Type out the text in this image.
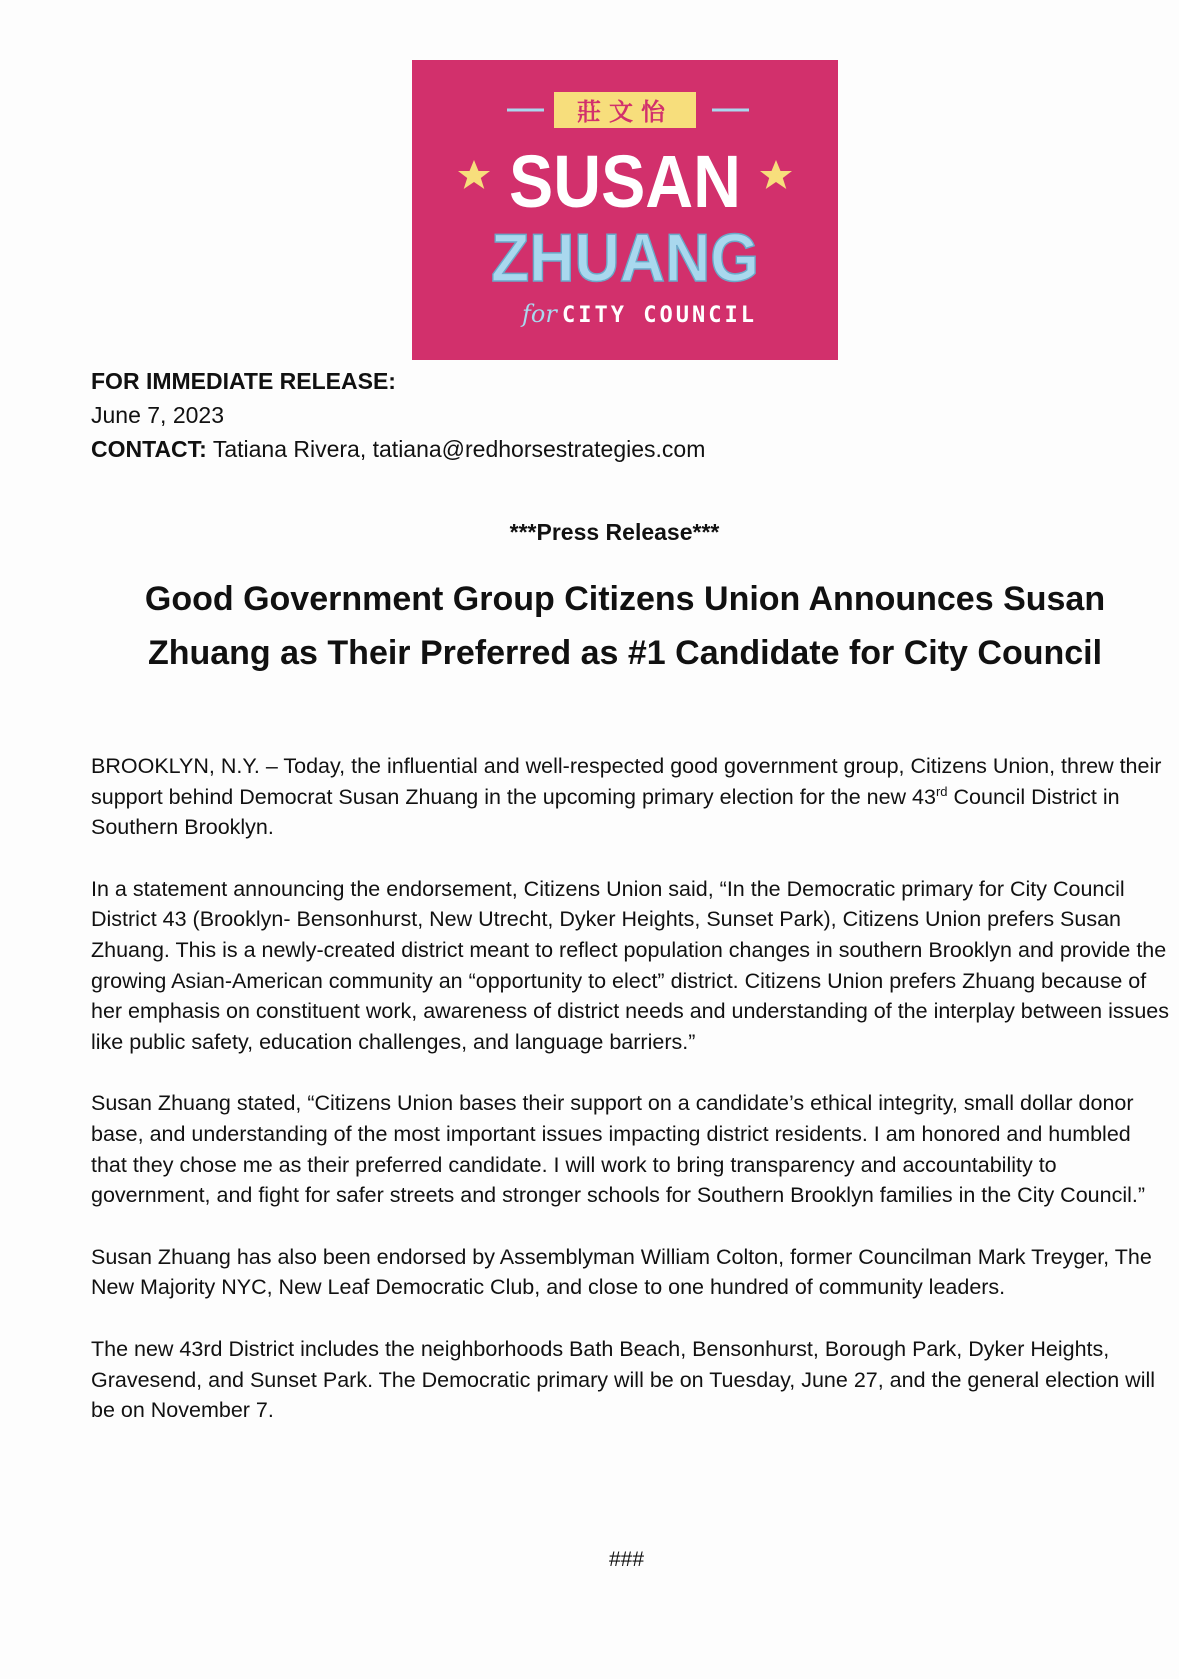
莊文怡
SUSAN
ZHUANG
for CITY COUNCIL
FOR IMMEDIATE RELEASE:
June 7, 2023
CONTACT: Tatiana Rivera, tatiana@redhorsestrategies.com
***Press Release***
Good Government Group Citizens Union Announces Susan
Zhuang as Their Preferred as #1 Candidate for City Council

BROOKLYN, N.Y. – Today, the influential and well-respected good government group, Citizens Union, threw their support behind Democrat Susan Zhuang in the upcoming primary election for the new 43rd Council District in Southern Brooklyn.

In a statement announcing the endorsement, Citizens Union said, “In the Democratic primary for City Council District 43 (Brooklyn- Bensonhurst, New Utrecht, Dyker Heights, Sunset Park), Citizens Union prefers Susan Zhuang. This is a newly-created district meant to reflect population changes in southern Brooklyn and provide the growing Asian-American community an “opportunity to elect” district. Citizens Union prefers Zhuang because of her emphasis on constituent work, awareness of district needs and understanding of the interplay between issues like public safety, education challenges, and language barriers.”

Susan Zhuang stated, “Citizens Union bases their support on a candidate’s ethical integrity, small dollar donor base, and understanding of the most important issues impacting district residents. I am honored and humbled that they chose me as their preferred candidate. I will work to bring transparency and accountability to government, and fight for safer streets and stronger schools for Southern Brooklyn families in the City Council.”

Susan Zhuang has also been endorsed by Assemblyman William Colton, former Councilman Mark Treyger, The New Majority NYC, New Leaf Democratic Club, and close to one hundred of community leaders.

The new 43rd District includes the neighborhoods Bath Beach, Bensonhurst, Borough Park, Dyker Heights, Gravesend, and Sunset Park. The Democratic primary will be on Tuesday, June 27, and the general election will be on November 7.

###
